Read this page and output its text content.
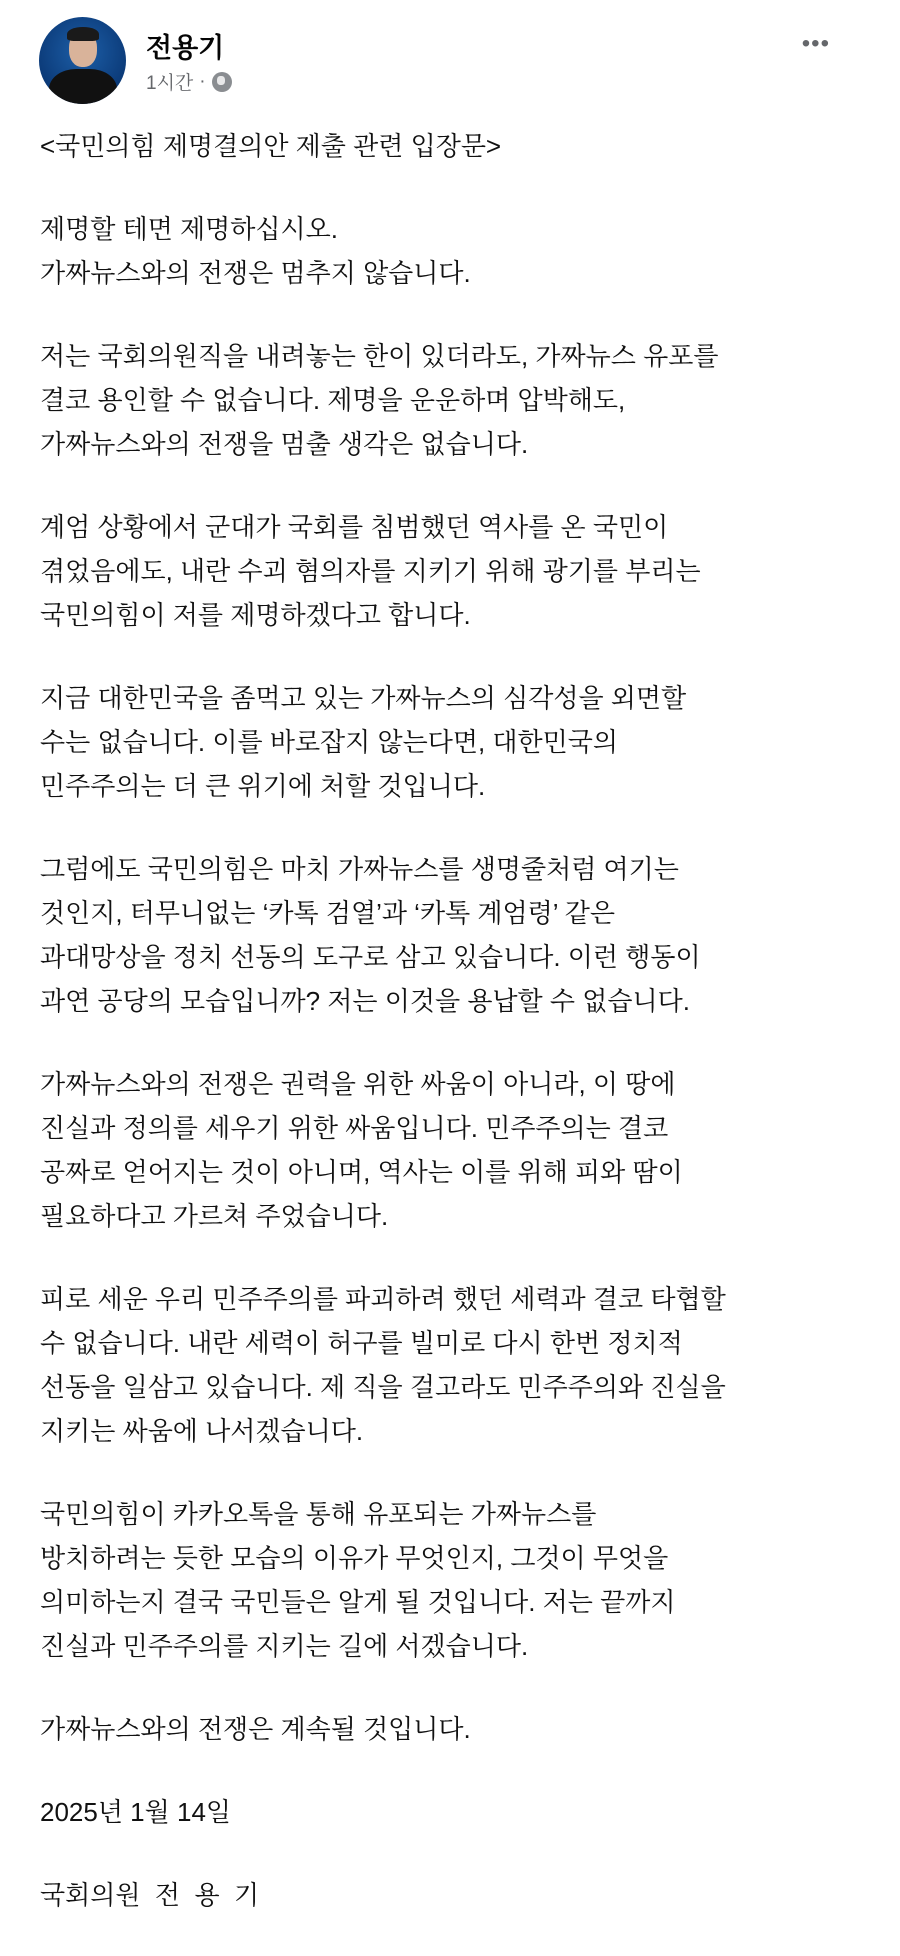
전용기
1시간 ·
•••

<국민의힘 제명결의안 제출 관련 입장문>

제명할 테면 제명하십시오.
가짜뉴스와의 전쟁은 멈추지 않습니다.

저는 국회의원직을 내려놓는 한이 있더라도, 가짜뉴스 유포를
결코 용인할 수 없습니다. 제명을 운운하며 압박해도,
가짜뉴스와의 전쟁을 멈출 생각은 없습니다.

계엄 상황에서 군대가 국회를 침범했던 역사를 온 국민이
겪었음에도, 내란 수괴 혐의자를 지키기 위해 광기를 부리는
국민의힘이 저를 제명하겠다고 합니다.

지금 대한민국을 좀먹고 있는 가짜뉴스의 심각성을 외면할
수는 없습니다. 이를 바로잡지 않는다면, 대한민국의
민주주의는 더 큰 위기에 처할 것입니다.

그럼에도 국민의힘은 마치 가짜뉴스를 생명줄처럼 여기는
것인지, 터무니없는 ‘카톡 검열’과 ‘카톡 계엄령’ 같은
과대망상을 정치 선동의 도구로 삼고 있습니다. 이런 행동이
과연 공당의 모습입니까? 저는 이것을 용납할 수 없습니다.

가짜뉴스와의 전쟁은 권력을 위한 싸움이 아니라, 이 땅에
진실과 정의를 세우기 위한 싸움입니다. 민주주의는 결코
공짜로 얻어지는 것이 아니며, 역사는 이를 위해 피와 땀이
필요하다고 가르쳐 주었습니다.

피로 세운 우리 민주주의를 파괴하려 했던 세력과 결코 타협할
수 없습니다. 내란 세력이 허구를 빌미로 다시 한번 정치적
선동을 일삼고 있습니다. 제 직을 걸고라도 민주주의와 진실을
지키는 싸움에 나서겠습니다.

국민의힘이 카카오톡을 통해 유포되는 가짜뉴스를
방치하려는 듯한 모습의 이유가 무엇인지, 그것이 무엇을
의미하는지 결국 국민들은 알게 될 것입니다. 저는 끝까지
진실과 민주주의를 지키는 길에 서겠습니다.

가짜뉴스와의 전쟁은 계속될 것입니다.

2025년 1월 14일

국회의원  전  용  기
